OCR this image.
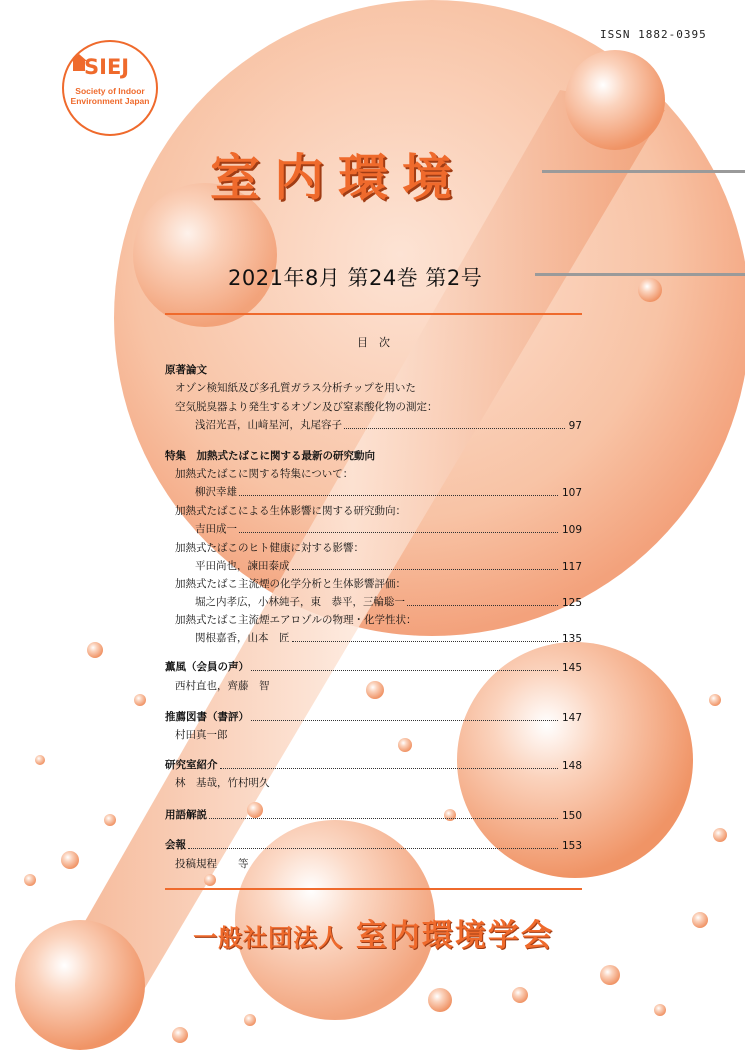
ISSN 1882-0395
SIEJ
Society of Indoor
Environment Japan
室内環境
2021年8月 第24巻 第2号
目　次
原著論文
オゾン検知紙及び多孔質ガラス分析チップを用いた
空気脱臭器より発生するオゾン及び窒素酸化物の測定：
浅沼光吾，山﨑星河，丸尾容子	97
特集　加熱式たばこに関する最新の研究動向
加熱式たばこに関する特集について：
柳沢幸雄	107
加熱式たばこによる生体影響に関する研究動向：
吉田成一	109
加熱式たばこのヒト健康に対する影響：
平田尚也，諫田泰成	117
加熱式たばこ主流煙の化学分析と生体影響評価：
堀之内孝広，小林純子，東　恭平，三輪聡一	125
加熱式たばこ主流煙エアロゾルの物理・化学性状：
関根嘉香，山本　匠	135
薫風（会員の声）	145
西村直也，齊藤　智
推薦図書（書評）	147
村田真一郎
研究室紹介	148
林　基哉，竹村明久
用語解説	150
会報	153
投稿規程　　等
一般社団法人 室内環境学会
